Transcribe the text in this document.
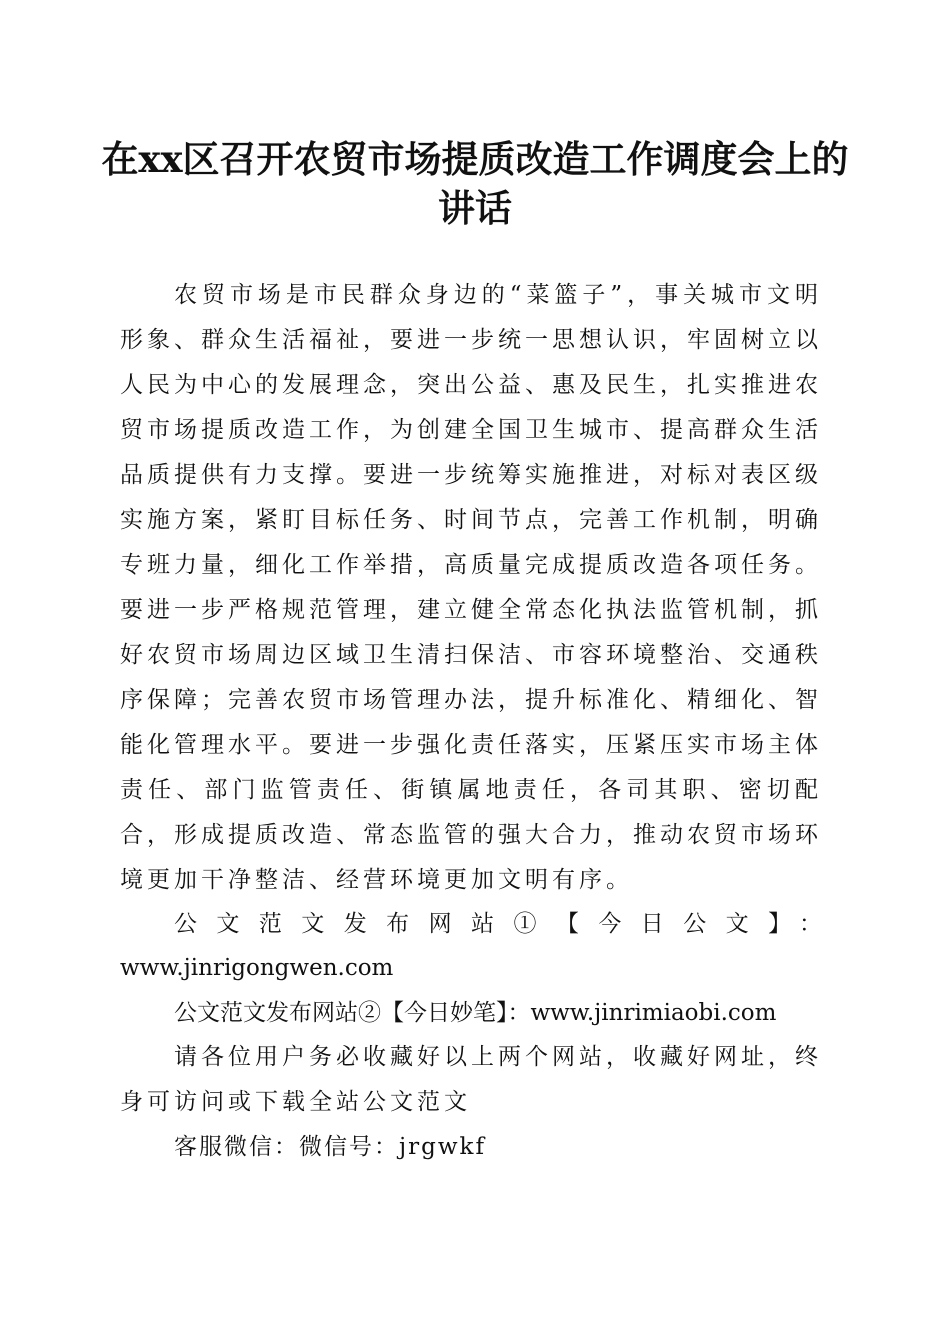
在xx区召开农贸市场提质改造工作调度会上的讲话

农贸市场是市民群众身边的“菜篮子”，事关城市文明形象、群众生活福祉，要进一步统一思想认识，牢固树立以人民为中心的发展理念，突出公益、惠及民生，扎实推进农贸市场提质改造工作，为创建全国卫生城市、提高群众生活品质提供有力支撑。要进一步统筹实施推进，对标对表区级实施方案，紧盯目标任务、时间节点，完善工作机制，明确专班力量，细化工作举措，高质量完成提质改造各项任务。要进一步严格规范管理，建立健全常态化执法监管机制，抓好农贸市场周边区域卫生清扫保洁、市容环境整治、交通秩序保障；完善农贸市场管理办法，提升标准化、精细化、智能化管理水平。要进一步强化责任落实，压紧压实市场主体责任、部门监管责任、街镇属地责任，各司其职、密切配合，形成提质改造、常态监管的强大合力，推动农贸市场环境更加干净整洁、经营环境更加文明有序。

公文范文发布网站①【今日公文】：

www.jinrigongwen.com

公文范文发布网站②【今日妙笔】：www.jinrimiaobi.com

请各位用户务必收藏好以上两个网站，收藏好网址，终身可访问或下载全站公文范文

客服微信：微信号：jrgwkf
